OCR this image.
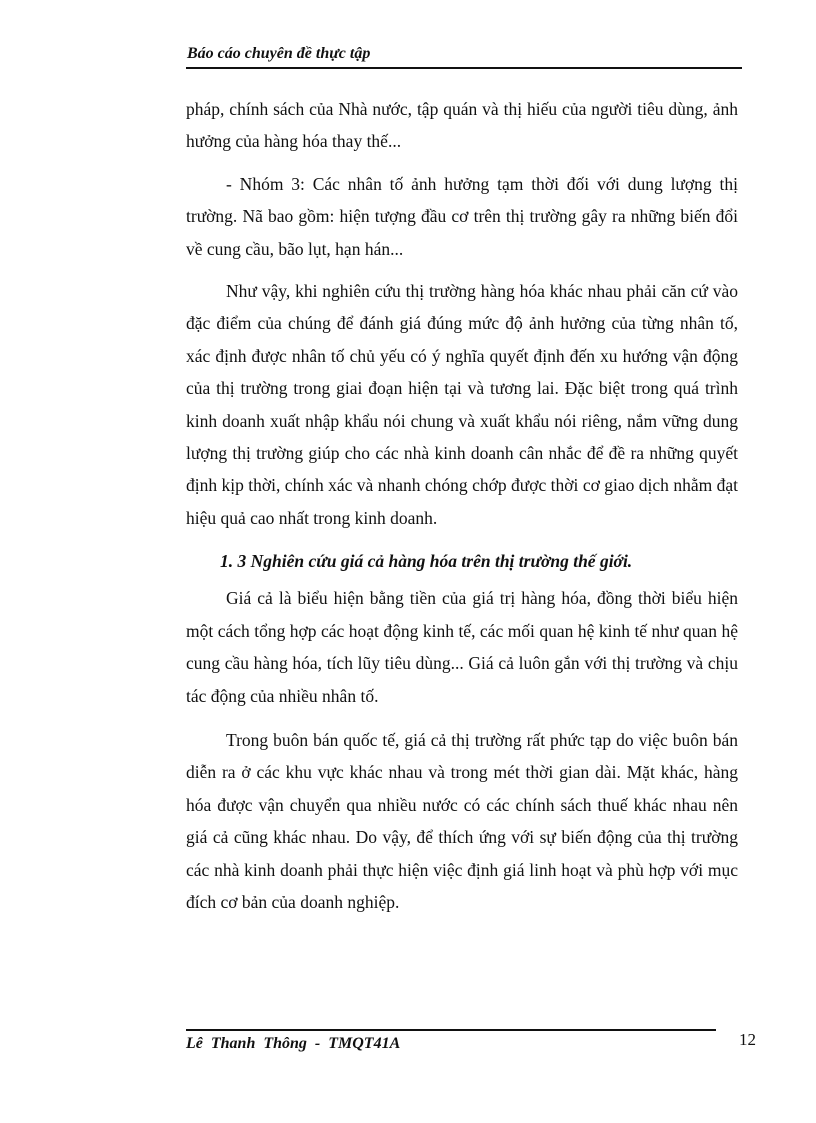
Báo cáo chuyên đề thực tập

pháp, chính sách của Nhà nước, tập quán và thị hiếu của người tiêu dùng, ảnh hưởng của hàng hóa thay thế...

- Nhóm 3: Các nhân tố ảnh hưởng tạm thời đối với dung lượng thị trường. Nã bao gồm: hiện tượng đầu cơ trên thị trường gây ra những biến đổi về cung cầu, bão lụt, hạn hán...

Như vậy, khi nghiên cứu thị trường hàng hóa khác nhau phải căn cứ vào đặc điểm của chúng để đánh giá đúng mức độ ảnh hưởng của từng nhân tố, xác định được nhân tố chủ yếu có ý nghĩa quyết định đến xu hướng vận động của thị trường trong giai đoạn hiện tại và tương lai. Đặc biệt trong quá trình kinh doanh xuất nhập khẩu nói chung và xuất khẩu nói riêng, nắm vững dung lượng thị trường giúp cho các nhà kinh doanh cân nhắc để đề ra những quyết định kịp thời, chính xác và nhanh chóng chớp được thời cơ giao dịch nhằm đạt hiệu quả cao nhất trong kinh doanh.

1. 3 Nghiên cứu giá cả hàng hóa trên thị trường thế giới.

Giá cả là biểu hiện bằng tiền của giá trị hàng hóa, đồng thời biểu hiện một cách tổng hợp các hoạt động kinh tế, các mối quan hệ kinh tế như quan hệ cung cầu hàng hóa, tích lũy tiêu dùng... Giá cả luôn gắn với thị trường và chịu tác động của nhiều nhân tố.

Trong buôn bán quốc tế, giá cả thị trường rất phức tạp do việc buôn bán diễn ra ở các khu vực khác nhau và trong mét thời gian dài. Mặt khác, hàng hóa được vận chuyển qua nhiều nước có các chính sách thuế khác nhau nên giá cả cũng khác nhau. Do vậy, để thích ứng với sự biến động của thị trường các nhà kinh doanh phải thực hiện việc định giá linh hoạt và phù hợp với mục đích cơ bản của doanh nghiệp.

Lê Thanh Thông - TMQT41A	12
